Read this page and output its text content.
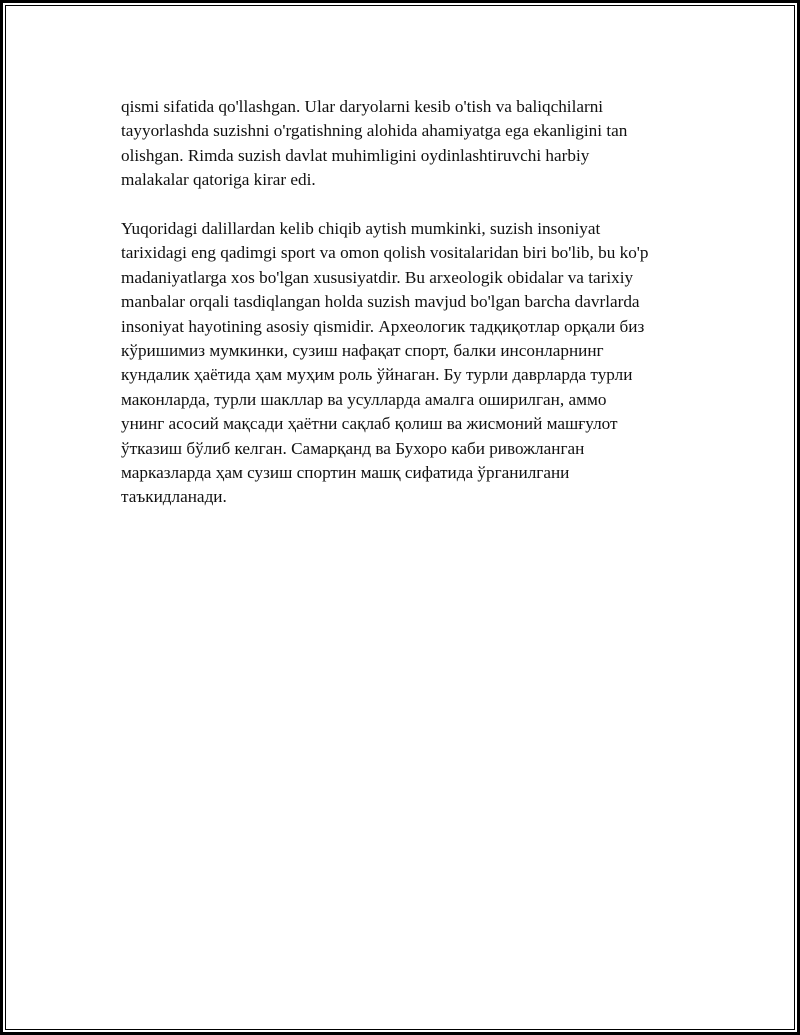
qismi sifatida qo'llashgan. Ular daryolarni kesib o'tish va baliqchilarni
tayyorlashda suzishni o'rgatishning alohida ahamiyatga ega ekanligini tan
olishgan. Rimda suzish davlat muhimligini oydinlashtiruvchi harbiy
malakalar qatoriga kirar edi.

Yuqoridagi dalillardan kelib chiqib aytish mumkinki, suzish insoniyat
tarixidagi eng qadimgi sport va omon qolish vositalaridan biri bo'lib, bu ko'p
madaniyatlarga xos bo'lgan xususiyatdir. Bu arxeologik obidalar va tarixiy
manbalar orqali tasdiqlangan holda suzish mavjud bo'lgan barcha davrlarda
insoniyat hayotining asosiy qismidir. Археологик тадқиқотлар орқали биз
кўришимиз мумкинки, сузиш нафақат спорт, балки инсонларнинг
кундалик ҳаётида ҳам муҳим роль ўйнаган. Бу турли даврларда турли
маконларда, турли шакллар ва усулларда амалга оширилган, аммо
унинг асосий мақсади ҳаётни сақлаб қолиш ва жисмоний машғулот
ўтказиш бўлиб келган. Самарқанд ва Бухоро каби ривожланган
марказларда ҳам сузиш спортин машқ сифатида ўрганилгани
таъкидланади.
